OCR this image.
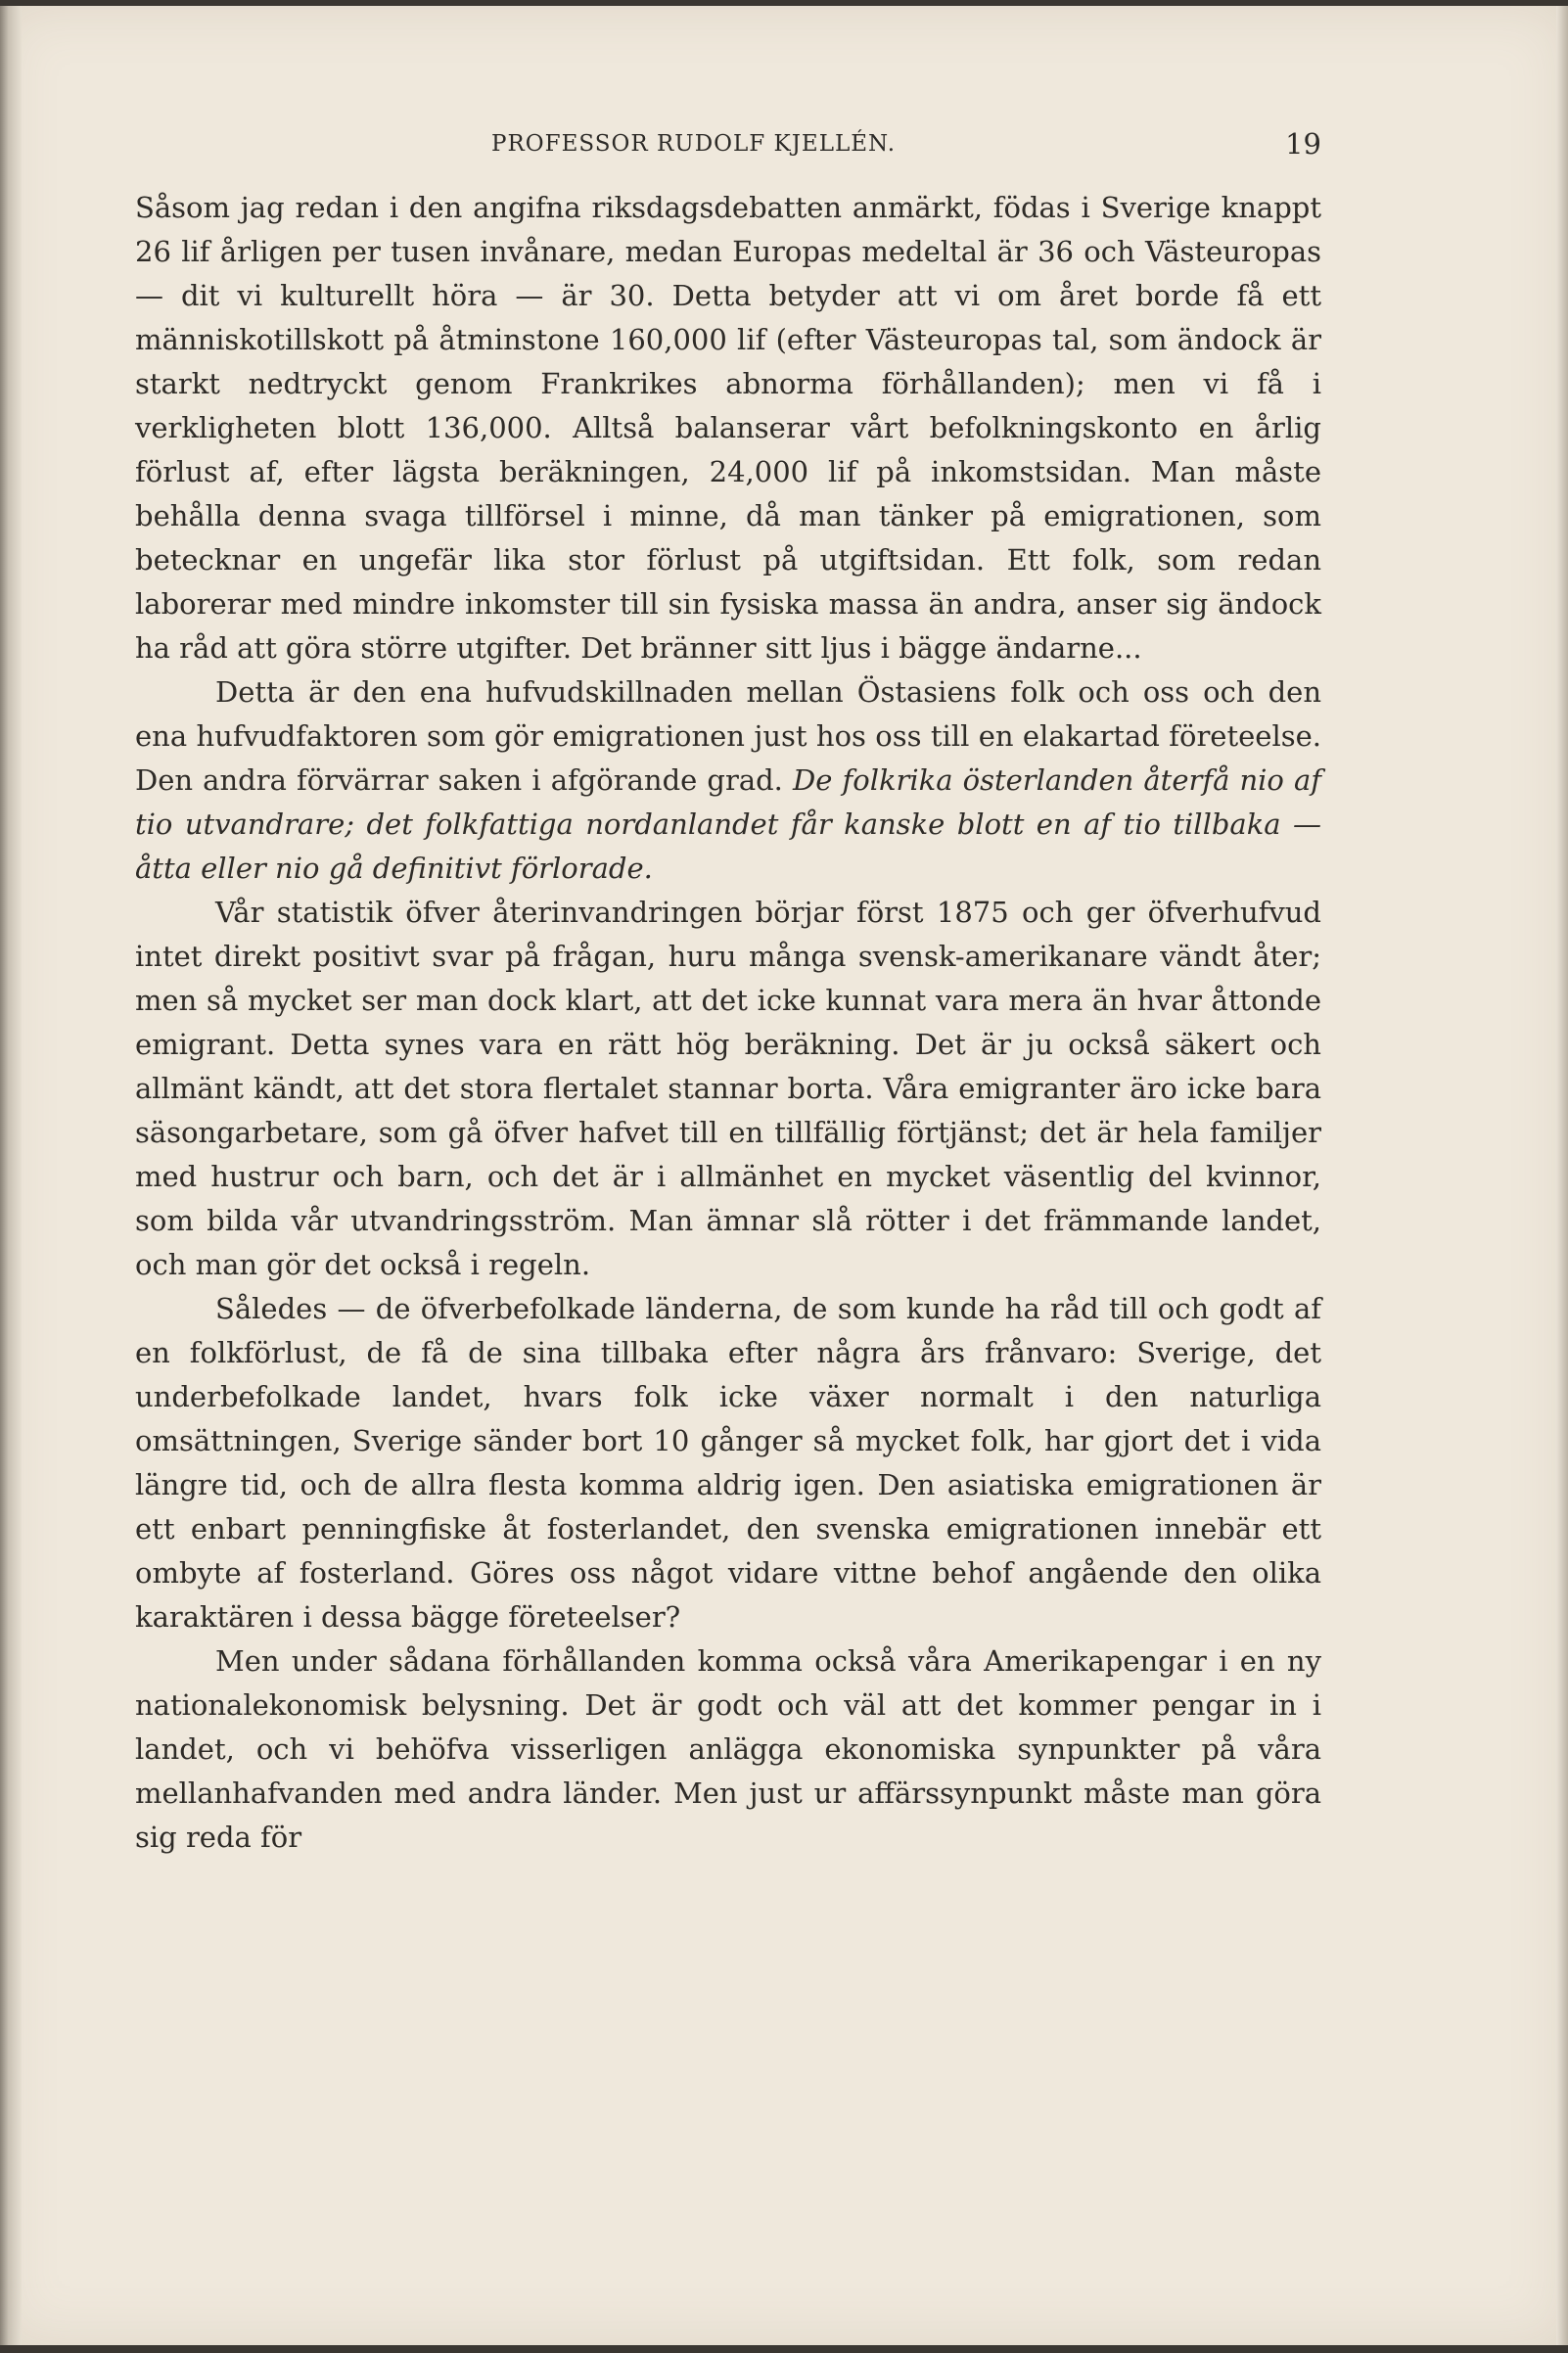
PROFESSOR RUDOLF KJELLÉN.	19

Såsom jag redan i den angifna riksdagsdebatten anmärkt, födas i Sverige knappt 26 lif årligen per tusen invånare, medan Europas medeltal är 36 och Västeuropas — dit vi kulturellt höra — är 30. Detta betyder att vi om året borde få ett människotillskott på åtminstone 160,000 lif (efter Västeuropas tal, som ändock är starkt nedtryckt genom Frankrikes abnorma förhållanden); men vi få i verkligheten blott 136,000. Alltså balanserar vårt befolkningskonto en årlig förlust af, efter lägsta beräkningen, 24,000 lif på inkomstsidan. Man måste behålla denna svaga tillförsel i minne, då man tänker på emigrationen, som betecknar en ungefär lika stor förlust på utgiftsidan. Ett folk, som redan laborerar med mindre inkomster till sin fysiska massa än andra, anser sig ändock ha råd att göra större utgifter. Det bränner sitt ljus i bägge ändarne...

Detta är den ena hufvudskillnaden mellan Östasiens folk och oss och den ena hufvudfaktoren som gör emigrationen just hos oss till en elakartad företeelse. Den andra förvärrar saken i afgörande grad. De folkrika österlanden återfå nio af tio utvandrare; det folkfattiga nordanlandet får kanske blott en af tio tillbaka — åtta eller nio gå definitivt förlorade.

Vår statistik öfver återinvandringen börjar först 1875 och ger öfverhufvud intet direkt positivt svar på frågan, huru många svensk-amerikanare vändt åter; men så mycket ser man dock klart, att det icke kunnat vara mera än hvar åttonde emigrant. Detta synes vara en rätt hög beräkning. Det är ju också säkert och allmänt kändt, att det stora flertalet stannar borta. Våra emigranter äro icke bara säsongarbetare, som gå öfver hafvet till en tillfällig förtjänst; det är hela familjer med hustrur och barn, och det är i allmänhet en mycket väsentlig del kvinnor, som bilda vår utvandringsström. Man ämnar slå rötter i det främmande landet, och man gör det också i regeln.

Således — de öfverbefolkade länderna, de som kunde ha råd till och godt af en folkförlust, de få de sina tillbaka efter några års frånvaro: Sverige, det underbefolkade landet, hvars folk icke växer normalt i den naturliga omsättningen, Sverige sänder bort 10 gånger så mycket folk, har gjort det i vida längre tid, och de allra flesta komma aldrig igen. Den asiatiska emigrationen är ett enbart penningfiske åt fosterlandet, den svenska emigrationen innebär ett ombyte af fosterland. Göres oss något vidare vittne behof angående den olika karaktären i dessa bägge företeelser?

Men under sådana förhållanden komma också våra Amerikapengar i en ny nationalekonomisk belysning. Det är godt och väl att det kommer pengar in i landet, och vi behöfva visserligen anlägga ekonomiska synpunkter på våra mellanhafvanden med andra länder. Men just ur affärssynpunkt måste man göra sig reda för
